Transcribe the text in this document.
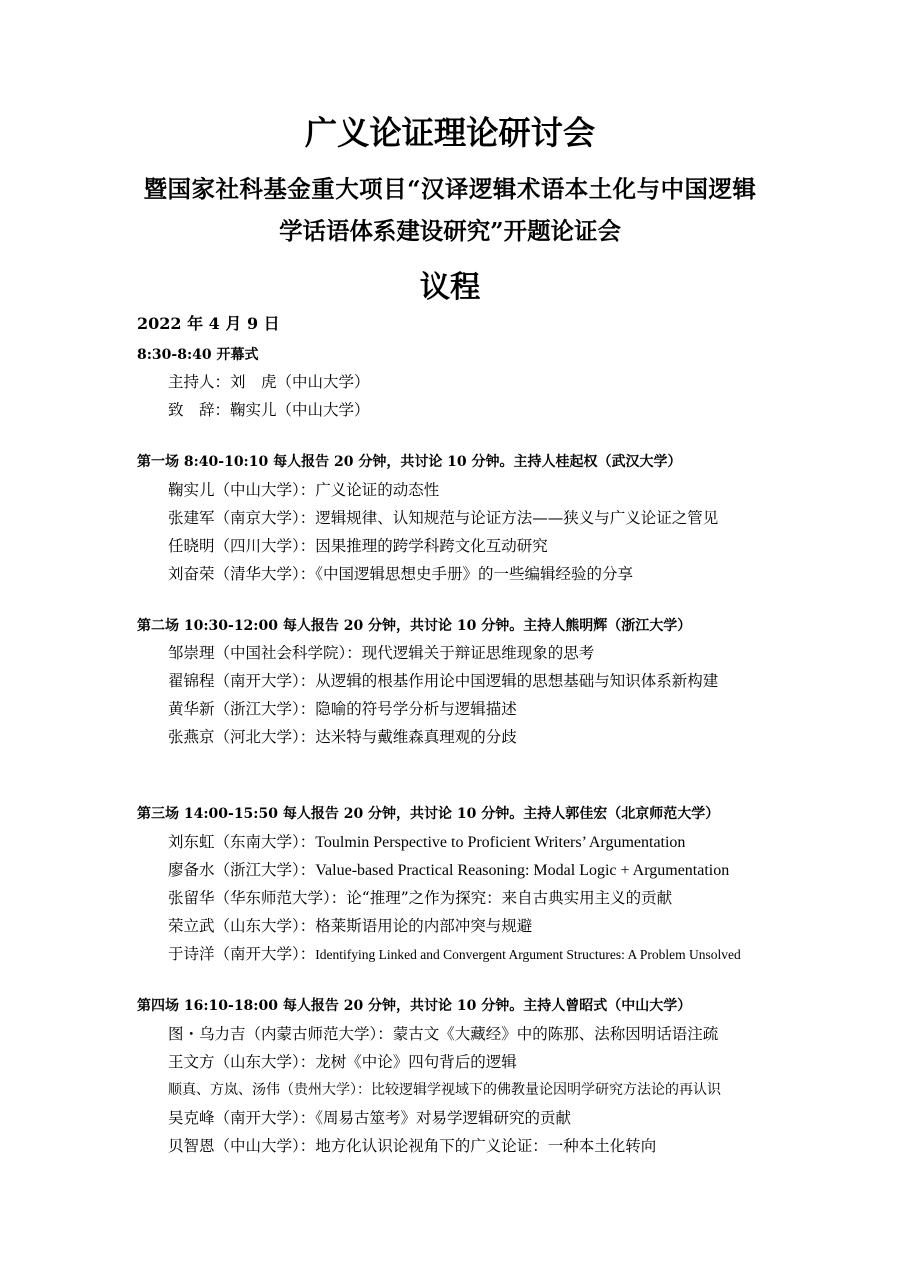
广义论证理论研讨会
暨国家社科基金重大项目“汉译逻辑术语本土化与中国逻辑
学话语体系建设研究”开题论证会
议程
2022 年 4 月 9 日
8:30-8:40 开幕式
主持人：刘　虎（中山大学）
致　辞：鞠实儿（中山大学）
第一场 8:40-10:10 每人报告 20 分钟，共讨论 10 分钟。主持人桂起权（武汉大学）
鞠实儿（中山大学）：广义论证的动态性
张建军（南京大学）：逻辑规律、认知规范与论证方法——狭义与广义论证之管见
任晓明（四川大学）：因果推理的跨学科跨文化互动研究
刘奋荣（清华大学）：《中国逻辑思想史手册》的一些编辑经验的分享
第二场 10:30-12:00 每人报告 20 分钟，共讨论 10 分钟。主持人熊明辉（浙江大学）
邹崇理（中国社会科学院）：现代逻辑关于辩证思维现象的思考
翟锦程（南开大学）：从逻辑的根基作用论中国逻辑的思想基础与知识体系新构建
黄华新（浙江大学）：隐喻的符号学分析与逻辑描述
张燕京（河北大学）：达米特与戴维森真理观的分歧
第三场 14:00-15:50 每人报告 20 分钟，共讨论 10 分钟。主持人郭佳宏（北京师范大学）
刘东虹（东南大学）：Toulmin Perspective to Proficient Writers’ Argumentation
廖备水（浙江大学）：Value-based Practical Reasoning: Modal Logic + Argumentation
张留华（华东师范大学）：论“推理”之作为探究：来自古典实用主义的贡献
荣立武（山东大学）：格莱斯语用论的内部冲突与规避
于诗洋（南开大学）：Identifying Linked and Convergent Argument Structures: A Problem Unsolved
第四场 16:10-18:00 每人报告 20 分钟，共讨论 10 分钟。主持人曾昭式（中山大学）
图・乌力吉（内蒙古师范大学）：蒙古文《大藏经》中的陈那、法称因明话语注疏
王文方（山东大学）：龙树《中论》四句背后的逻辑
顺真、方岚、汤伟（贵州大学）：比较逻辑学视域下的佛教量论因明学研究方法论的再认识
吴克峰（南开大学）：《周易古筮考》对易学逻辑研究的贡献
贝智恩（中山大学）：地方化认识论视角下的广义论证：一种本土化转向
